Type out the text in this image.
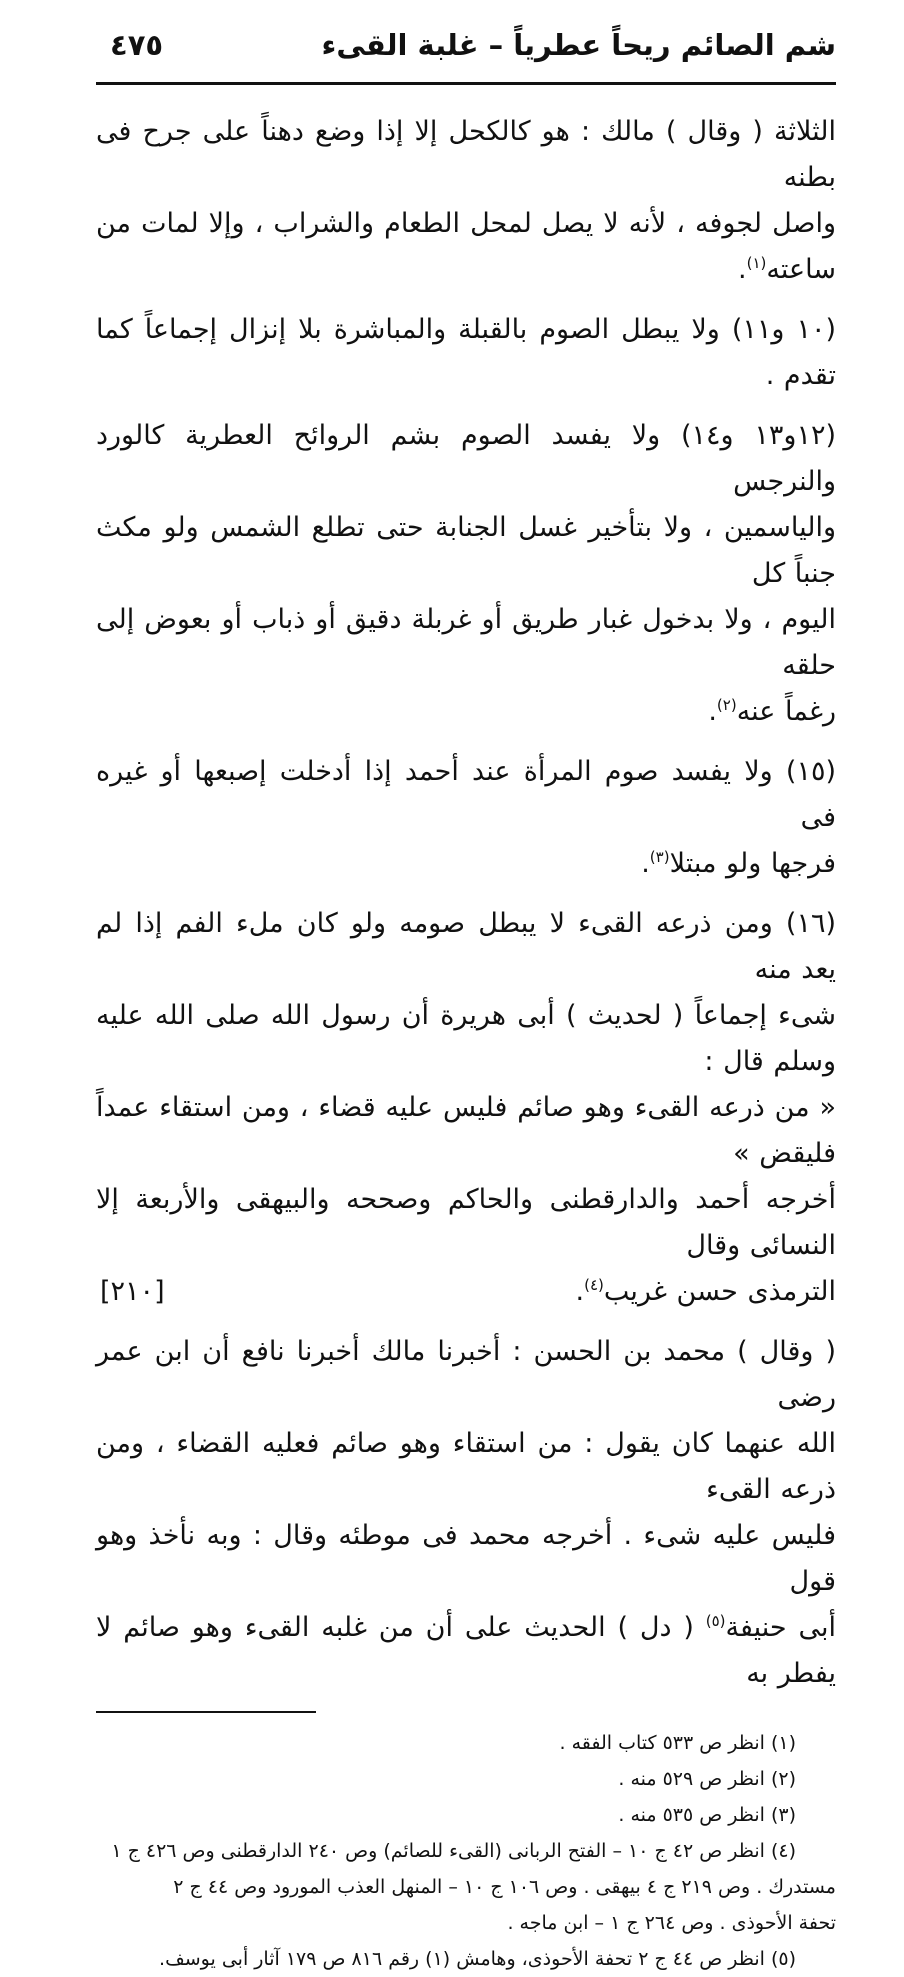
شم الصائم ريحاً عطرياً – غلبة القىء
٤٧٥

الثلاثة ( وقال ) مالك : هو كالكحل إلا إذا وضع دهناً على جرح فى بطنه
واصل لجوفه ، لأنه لا يصل لمحل الطعام والشراب ، وإلا لمات من ساعته$^{(١)}$.

(١٠ و١١) ولا يبطل الصوم بالقبلة والمباشرة بلا إنزال إجماعاً كما تقدم .

(١٢و١٣ و١٤) ولا يفسد الصوم بشم الروائح العطرية كالورد والنرجس
والياسمين ، ولا بتأخير غسل الجنابة حتى تطلع الشمس ولو مكث جنباً كل
اليوم ، ولا بدخول غبار طريق أو غربلة دقيق أو ذباب أو بعوض إلى حلقه
رغماً عنه$^{(٢)}$.

(١٥) ولا يفسد صوم المرأة عند أحمد إذا أدخلت إصبعها أو غيره فى
فرجها ولو مبتلا$^{(٣)}$.

(١٦) ومن ذرعه القىء لا يبطل صومه ولو كان ملء الفم إذا لم يعد منه
شىء إجماعاً ( لحديث ) أبى هريرة أن رسول الله صلى الله عليه وسلم قال :
« من ذرعه القىء وهو صائم فليس عليه قضاء ، ومن استقاء عمداً فليقض »
أخرجه أحمد والدارقطنى والحاكم وصححه والبيهقى والأربعة إلا النسائى وقال
الترمذى حسن غريب$^{(٤)}$.
[٢١٠]

( وقال ) محمد بن الحسن : أخبرنا مالك أخبرنا نافع أن ابن عمر رضى
الله عنهما كان يقول : من استقاء وهو صائم فعليه القضاء ، ومن ذرعه القىء
فليس عليه شىء . أخرجه محمد فى موطئه وقال : وبه نأخذ وهو قول
أبى حنيفة$^{(٥)}$ ( دل ) الحديث على أن من غلبه القىء وهو صائم لا يفطر به

(١) انظر ص ٥٣٣ كتاب الفقه .

(٢) انظر ص ٥٢٩ منه .

(٣) انظر ص ٥٣٥ منه .

(٤) انظر ص ٤٢ ج ١٠ – الفتح الربانى (القىء للصائم) وص ٢٤٠ الدارقطنى وص ٤٢٦ ج ١

مستدرك . وص ٢١٩ ج ٤ بيهقى . وص ١٠٦ ج ١٠ – المنهل العذب المورود وص ٤٤ ج ٢

تحفة الأحوذى . وص ٢٦٤ ج ١ – ابن ماجه .

(٥) انظر ص ٤٤ ج ٢ تحفة الأحوذى، وهامش (١) رقم ٨١٦ ص ١٧٩ آثار أبى يوسف.
